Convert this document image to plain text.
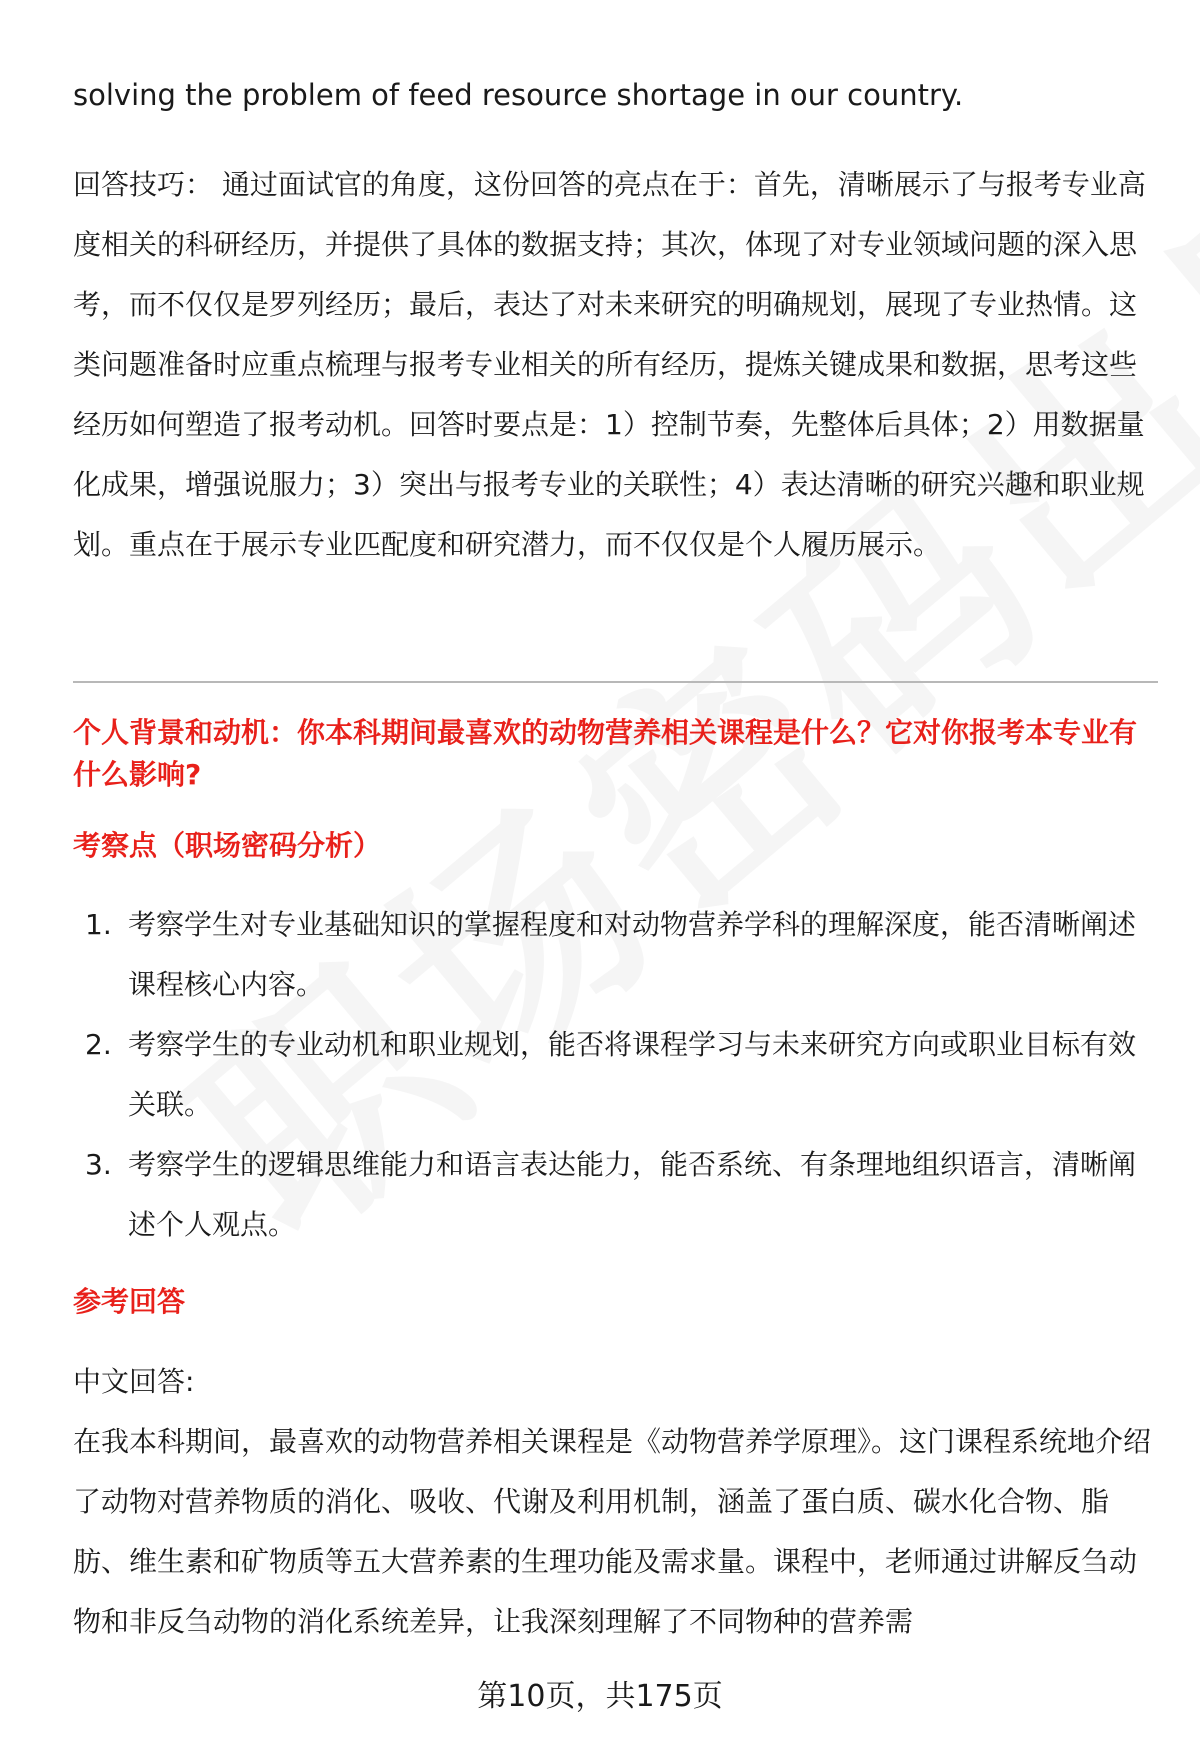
solving the problem of feed resource shortage in our country.

回答技巧： 通过面试官的角度，这份回答的亮点在于：首先，清晰展示了与报考专业高度相关的科研经历，并提供了具体的数据支持；其次，体现了对专业领域问题的深入思考，而不仅仅是罗列经历；最后，表达了对未来研究的明确规划，展现了专业热情。这类问题准备时应重点梳理与报考专业相关的所有经历，提炼关键成果和数据，思考这些经历如何塑造了报考动机。回答时要点是：1）控制节奏，先整体后具体；2）用数据量化成果，增强说服力；3）突出与报考专业的关联性；4）表达清晰的研究兴趣和职业规划。重点在于展示专业匹配度和研究潜力，而不仅仅是个人履历展示。

个人背景和动机：你本科期间最喜欢的动物营养相关课程是什么？它对你报考本专业有什么影响?

考察点（职场密码分析）

1. 考察学生对专业基础知识的掌握程度和对动物营养学科的理解深度，能否清晰阐述课程核心内容。
2. 考察学生的专业动机和职业规划，能否将课程学习与未来研究方向或职业目标有效关联。
3. 考察学生的逻辑思维能力和语言表达能力，能否系统、有条理地组织语言，清晰阐述个人观点。

参考回答

中文回答:

在我本科期间，最喜欢的动物营养相关课程是《动物营养学原理》。这门课程系统地介绍了动物对营养物质的消化、吸收、代谢及利用机制，涵盖了蛋白质、碳水化合物、脂肪、维生素和矿物质等五大营养素的生理功能及需求量。课程中，老师通过讲解反刍动物和非反刍动物的消化系统差异，让我深刻理解了不同物种的营养需

第10页，共175页
